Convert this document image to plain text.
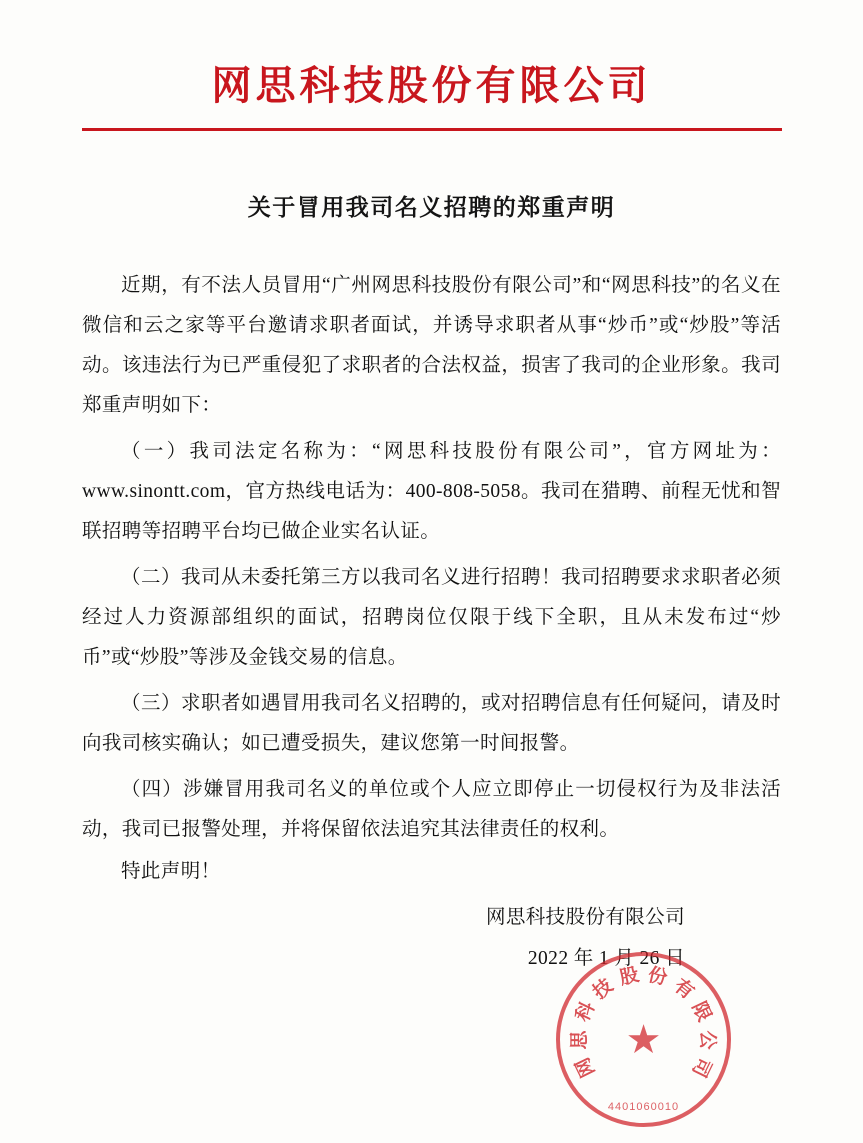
网思科技股份有限公司
关于冒用我司名义招聘的郑重声明

近期，有不法人员冒用“广州网思科技股份有限公司”和“网思科技”的名义在微信和云之家等平台邀请求职者面试，并诱导求职者从事“炒币”或“炒股”等活动。该违法行为已严重侵犯了求职者的合法权益，损害了我司的企业形象。我司郑重声明如下：

（一）我司法定名称为：“网思科技股份有限公司”，官方网址为：www.sinontt.com，官方热线电话为：400-808-5058。我司在猎聘、前程无忧和智联招聘等招聘平台均已做企业实名认证。

（二）我司从未委托第三方以我司名义进行招聘！我司招聘要求求职者必须经过人力资源部组织的面试，招聘岗位仅限于线下全职，且从未发布过“炒币”或“炒股”等涉及金钱交易的信息。

（三）求职者如遇冒用我司名义招聘的，或对招聘信息有任何疑问，请及时向我司核实确认；如已遭受损失，建议您第一时间报警。

（四）涉嫌冒用我司名义的单位或个人应立即停止一切侵权行为及非法活动，我司已报警处理，并将保留依法追究其法律责任的权利。

特此声明！

网思科技股份有限公司
2022 年 1 月 26 日
★
网
思
科
技 股 份 有
限
公
司
4401060010
